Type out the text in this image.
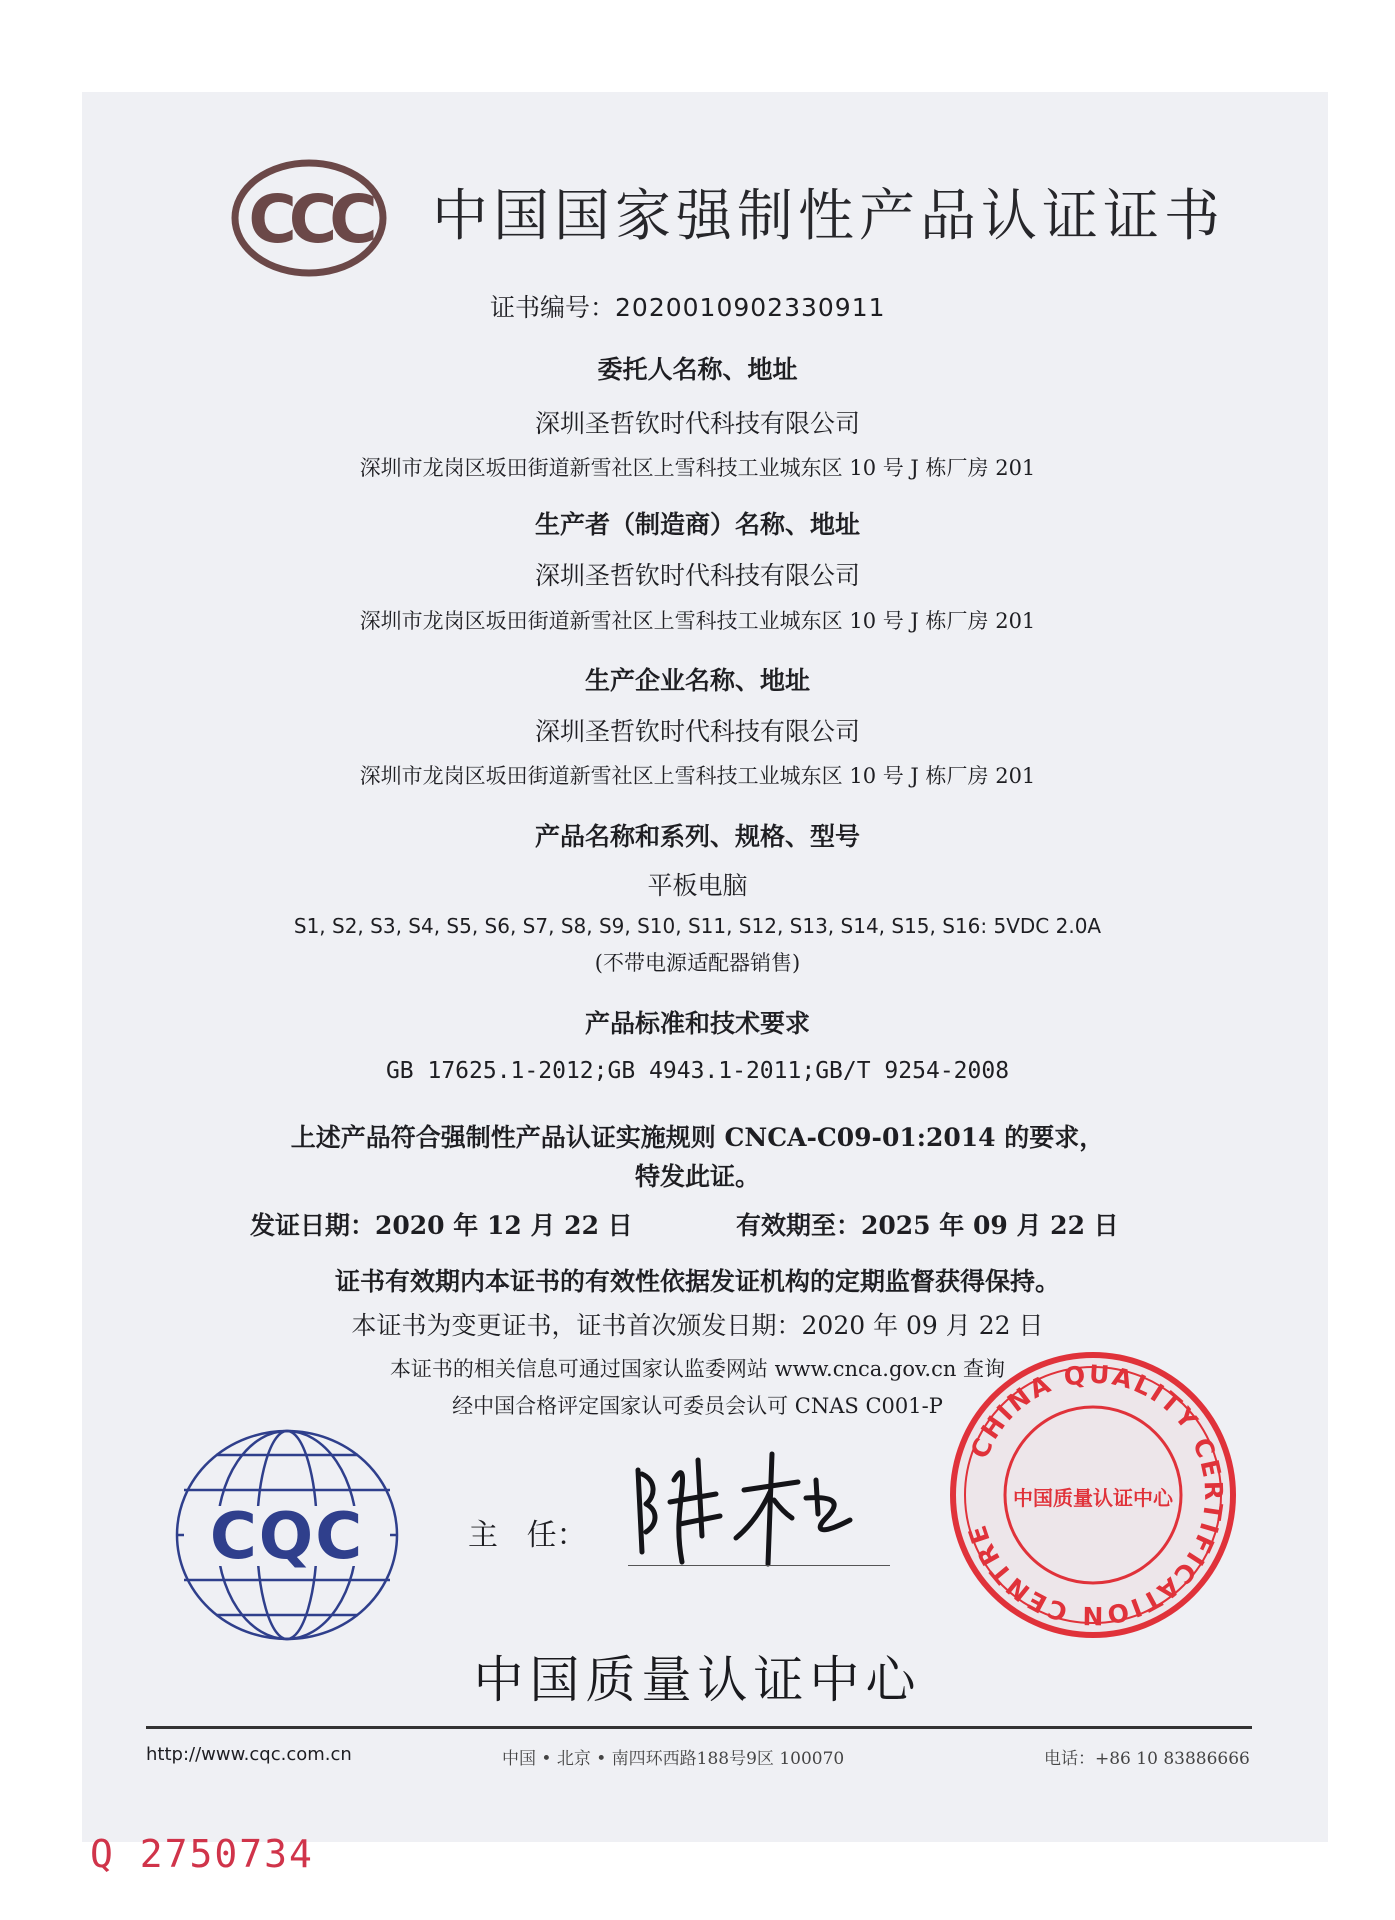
CCC 中国国家强制性产品认证证书
证书编号：2020010902330911
委托人名称、地址
深圳圣哲钦时代科技有限公司
深圳市龙岗区坂田街道新雪社区上雪科技工业城东区 10 号 J 栋厂房 201
生产者（制造商）名称、地址
深圳圣哲钦时代科技有限公司
深圳市龙岗区坂田街道新雪社区上雪科技工业城东区 10 号 J 栋厂房 201
生产企业名称、地址
深圳圣哲钦时代科技有限公司
深圳市龙岗区坂田街道新雪社区上雪科技工业城东区 10 号 J 栋厂房 201
产品名称和系列、规格、型号
平板电脑
S1, S2, S3, S4, S5, S6, S7, S8, S9, S10, S11, S12, S13, S14, S15, S16: 5VDC 2.0A
(不带电源适配器销售)
产品标准和技术要求
GB 17625.1-2012;GB 4943.1-2011;GB/T 9254-2008
上述产品符合强制性产品认证实施规则 CNCA-C09-01:2014 的要求，
特发此证。
发证日期：2020 年 12 月 22 日	有效期至：2025 年 09 月 22 日
证书有效期内本证书的有效性依据发证机构的定期监督获得保持。
本证书为变更证书，证书首次颁发日期：2020 年 09 月 22 日
本证书的相关信息可通过国家认监委网站 www.cnca.gov.cn 查询
经中国合格评定国家认可委员会认可 CNAS C001-P
CQC	主   任：
CHINA QUALITY CERTIFICATION CENTRE
中国质量认证中心
中国质量认证中心
http://www.cqc.com.cn	中国 • 北京 • 南四环西路188号9区 100070	电话：+86 10 83886666
Q 2750734
